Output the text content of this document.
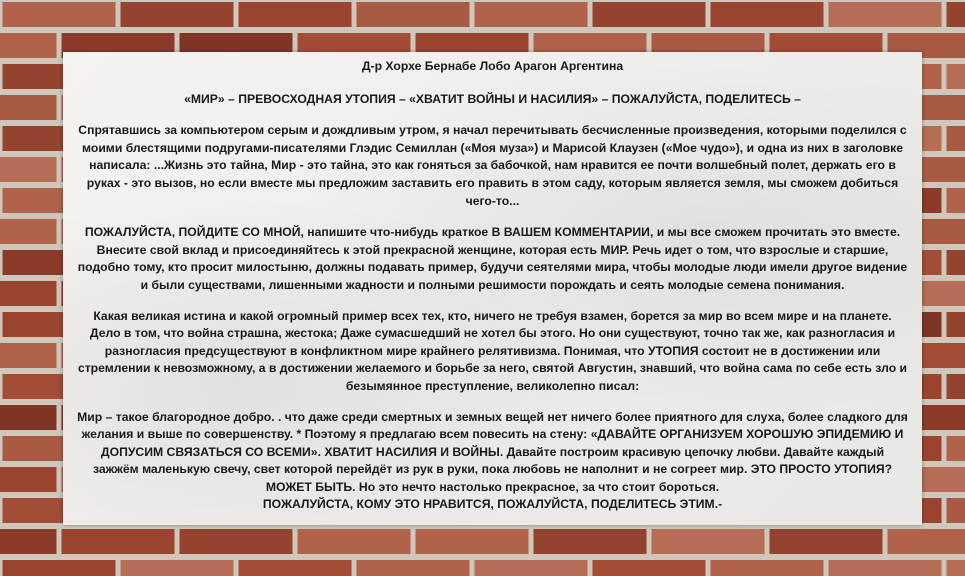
Д-р Хорхе Бернабе Лобо Арагон Аргентина

«МИР» – ПРЕВОСХОДНАЯ УТОПИЯ – «ХВАТИТ ВОЙНЫ И НАСИЛИЯ» – ПОЖАЛУЙСТА, ПОДЕЛИТЕСЬ –

Спрятавшись за компьютером серым и дождливым утром, я начал перечитывать бесчисленные произведения, которыми поделился с моими блестящими подругами-писателями Глэдис Семиллан («Моя муза») и Марисой Клаузен («Мое чудо»), и одна из них в заголовке написала: ...Жизнь это тайна, Мир - это тайна, это как гоняться за бабочкой, нам нравится ее почти волшебный полет, держать его в руках - это вызов, но если вместе мы предложим заставить его править в этом саду, которым является земля, мы сможем добиться чего-то...

ПОЖАЛУЙСТА, ПОЙДИТЕ СО МНОЙ, напишите что-нибудь краткое В ВАШЕМ КОММЕНТАРИИ, и мы все сможем прочитать это вместе. Внесите свой вклад и присоединяйтесь к этой прекрасной женщине, которая есть МИР. Речь идет о том, что взрослые и старшие, подобно тому, кто просит милостыню, должны подавать пример, будучи сеятелями мира, чтобы молодые люди имели другое видение и были существами, лишенными жадности и полными решимости порождать и сеять молодые семена понимания.

Какая великая истина и какой огромный пример всех тех, кто, ничего не требуя взамен, борется за мир во всем мире и на планете. Дело в том, что война страшна, жестока; Даже сумасшедший не хотел бы этого. Но они существуют, точно так же, как разногласия и разногласия предсуществуют в конфликтном мире крайнего релятивизма. Понимая, что УТОПИЯ состоит не в достижении или стремлении к невозможному, а в достижении желаемого и борьбе за него, святой Августин, знавший, что война сама по себе есть зло и безымянное преступление, великолепно писал:

Мир – такое благородное добро. . что даже среди смертных и земных вещей нет ничего более приятного для слуха, более сладкого для желания и выше по совершенству. * Поэтому я предлагаю всем повесить на стену: «ДАВАЙТЕ ОРГАНИЗУЕМ ХОРОШУЮ ЭПИДЕМИЮ И ДОПУСИМ СВЯЗАТЬСЯ СО ВСЕМИ». ХВАТИТ НАСИЛИЯ И ВОЙНЫ. Давайте построим красивую цепочку любви. Давайте каждый зажжём маленькую свечу, свет которой перейдёт из рук в руки, пока любовь не наполнит и не согреет мир. ЭТО ПРОСТО УТОПИЯ? МОЖЕТ БЫТЬ. Но это нечто настолько прекрасное, за что стоит бороться.

ПОЖАЛУЙСТА, КОМУ ЭТО НРАВИТСЯ, ПОЖАЛУЙСТА, ПОДЕЛИТЕСЬ ЭТИМ.-
